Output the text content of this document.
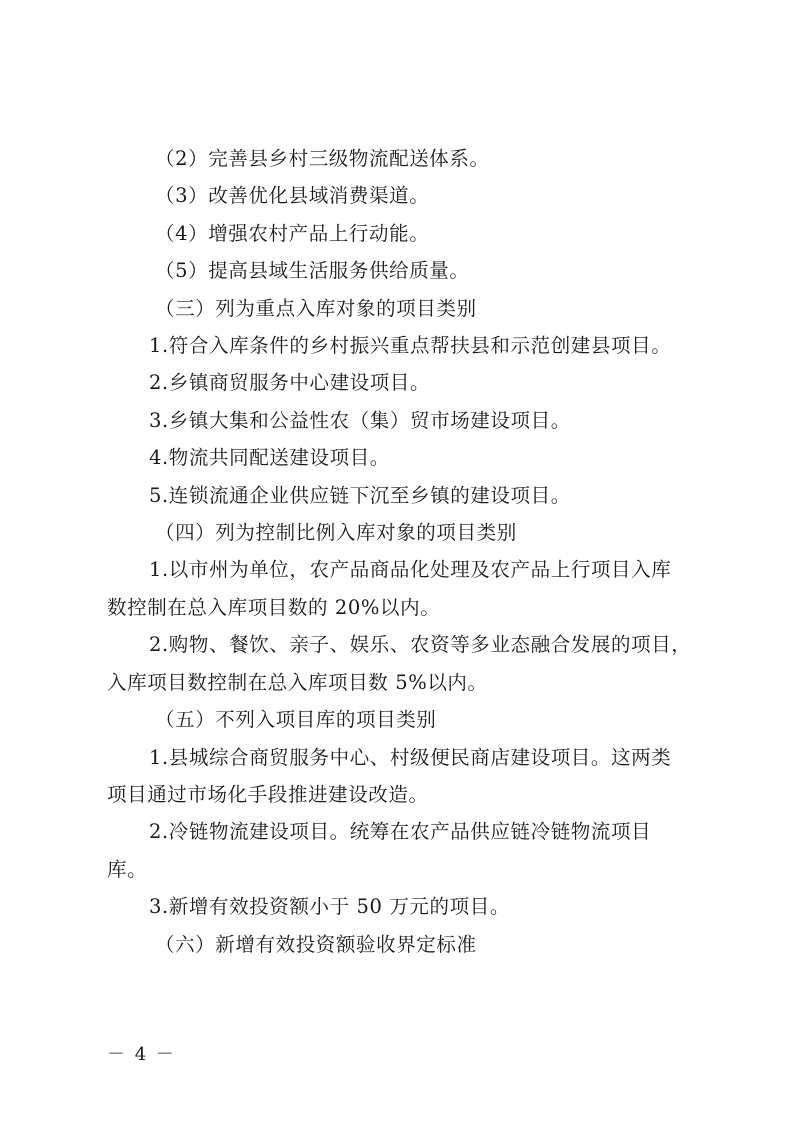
（2）完善县乡村三级物流配送体系。
（3）改善优化县域消费渠道。
（4）增强农村产品上行动能。
（5）提高县域生活服务供给质量。
（三）列为重点入库对象的项目类别
1.符合入库条件的乡村振兴重点帮扶县和示范创建县项目。
2.乡镇商贸服务中心建设项目。
3.乡镇大集和公益性农（集）贸市场建设项目。
4.物流共同配送建设项目。
5.连锁流通企业供应链下沉至乡镇的建设项目。
（四）列为控制比例入库对象的项目类别
1.以市州为单位，农产品商品化处理及农产品上行项目入库
数控制在总入库项目数的 20%以内。
2.购物、餐饮、亲子、娱乐、农资等多业态融合发展的项目，
入库项目数控制在总入库项目数 5%以内。
（五）不列入项目库的项目类别
1.县城综合商贸服务中心、村级便民商店建设项目。这两类
项目通过市场化手段推进建设改造。
2.冷链物流建设项目。统筹在农产品供应链冷链物流项目
库。
3.新增有效投资额小于 50 万元的项目。
（六）新增有效投资额验收界定标准
－ 4 －
